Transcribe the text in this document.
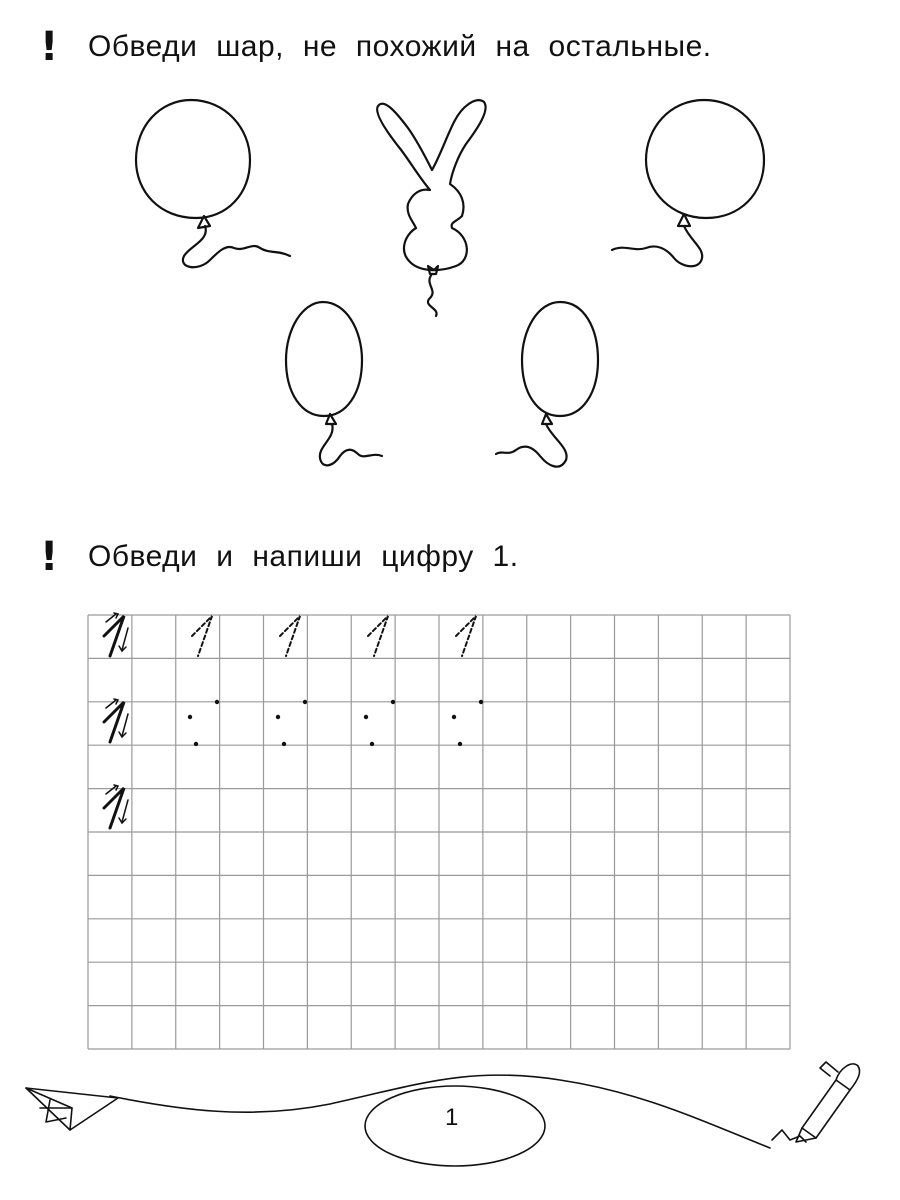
! Обведи шар, не похожий на остальные.
! Обведи и напиши цифру 1.
1
